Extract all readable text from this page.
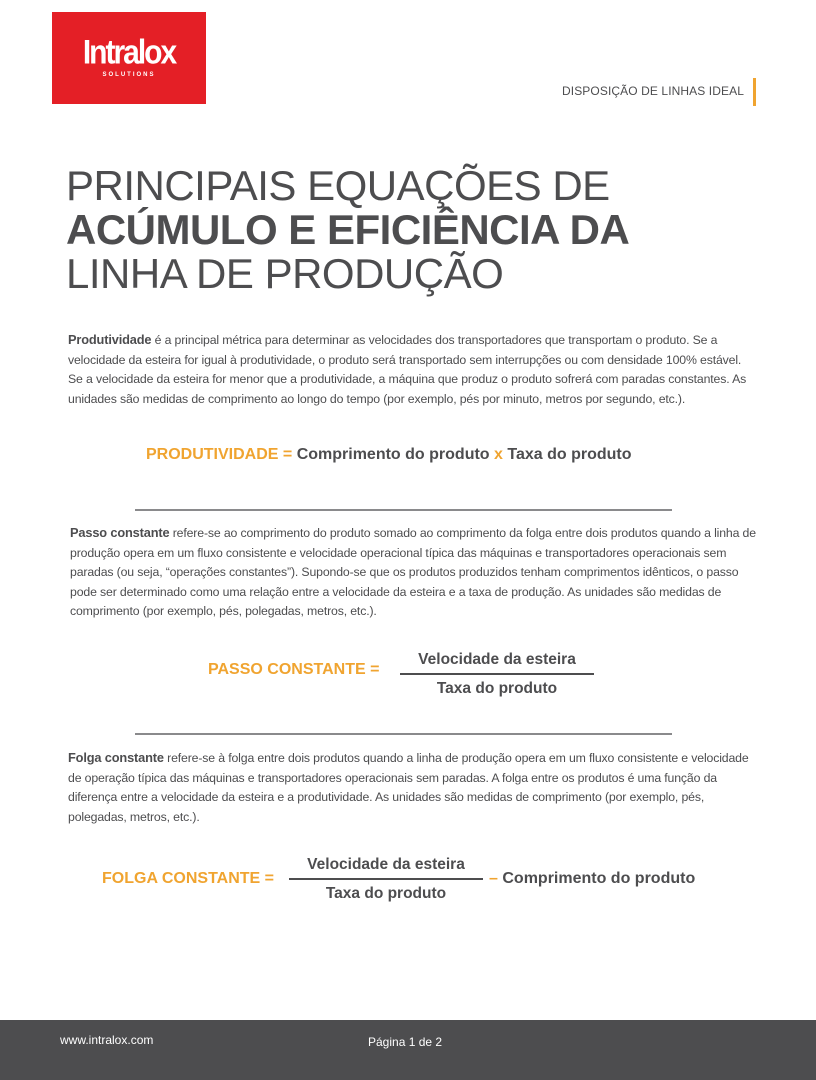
Intralox
SOLUTIONS
DISPOSIÇÃO DE LINHAS IDEAL
PRINCIPAIS EQUAÇÕES DE
ACÚMULO E EFICIÊNCIA DA
LINHA DE PRODUÇÃO
Produtividade é a principal métrica para determinar as velocidades dos transportadores que transportam o produto. Se a velocidade da esteira for igual à produtividade, o produto será transportado sem interrupções ou com densidade 100% estável. Se a velocidade da esteira for menor que a produtividade, a máquina que produz o produto sofrerá com paradas constantes. As unidades são medidas de comprimento ao longo do tempo (por exemplo, pés por minuto, metros por segundo, etc.).
PRODUTIVIDADE = Comprimento do produto x Taxa do produto
Passo constante refere-se ao comprimento do produto somado ao comprimento da folga entre dois produtos quando a linha de produção opera em um fluxo consistente e velocidade operacional típica das máquinas e transportadores operacionais sem paradas (ou seja, “operações constantes”). Supondo-se que os produtos produzidos tenham comprimentos idênticos, o passo pode ser determinado como uma relação entre a velocidade da esteira e a taxa de produção. As unidades são medidas de comprimento (por exemplo, pés, polegadas, metros, etc.).
PASSO CONSTANTE =
Velocidade da esteira
Taxa do produto
Folga constante refere-se à folga entre dois produtos quando a linha de produção opera em um fluxo consistente e velocidade de operação típica das máquinas e transportadores operacionais sem paradas. A folga entre os produtos é uma função da diferença entre a velocidade da esteira e a produtividade. As unidades são medidas de comprimento (por exemplo, pés, polegadas, metros, etc.).
FOLGA CONSTANTE =
Velocidade da esteira
Taxa do produto
– Comprimento do produto
www.intralox.com	Página 1 de 2
